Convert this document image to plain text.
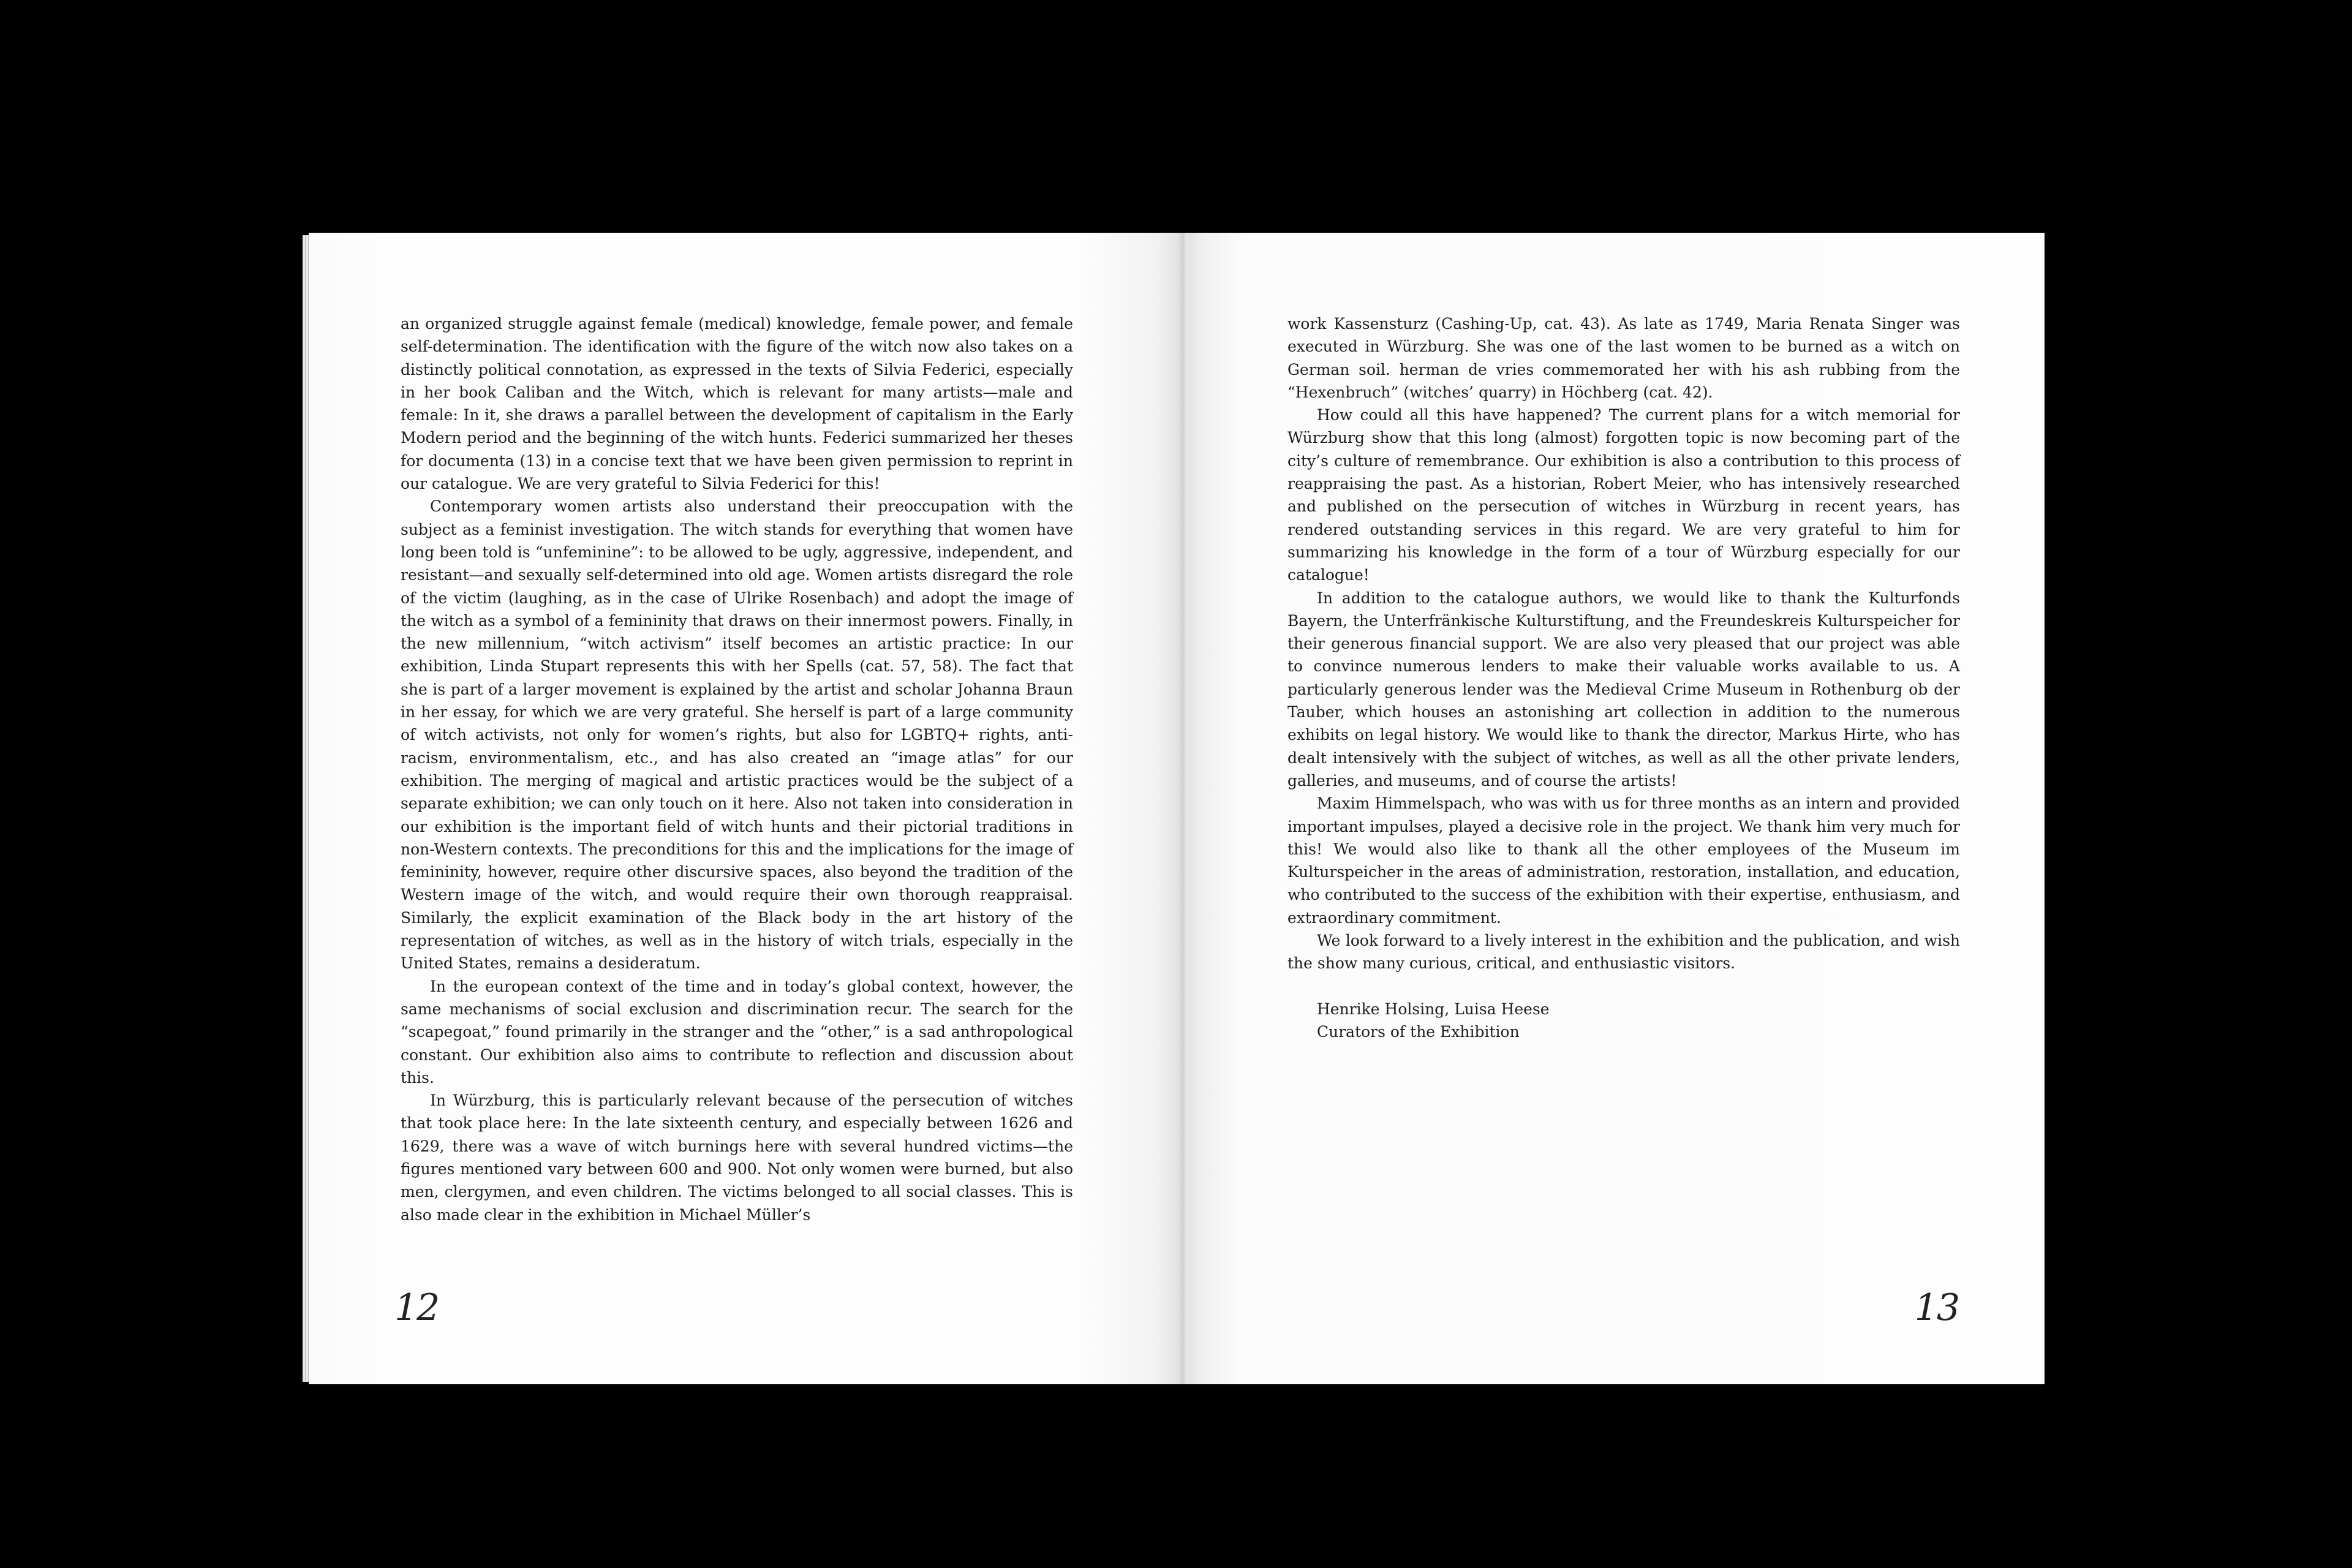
an organized struggle against female (medical) knowledge, female power, and female self-determination. The identification with the figure of the witch now also takes on a distinctly political connotation, as expressed in the texts of Silvia Federici, especially in her book Caliban and the Witch, which is relevant for many artists—male and female: In it, she draws a parallel between the development of capitalism in the Early Modern period and the beginning of the witch hunts. Federici summarized her theses for documenta (13) in a concise text that we have been given permission to reprint in our catalogue. We are very grateful to Silvia Federici for this!

Contemporary women artists also understand their preoccupation with the subject as a feminist investigation. The witch stands for everything that women have long been told is “unfeminine”: to be allowed to be ugly, aggressive, independent, and resistant—and sexually self-determined into old age. Women artists disregard the role of the victim (laughing, as in the case of Ulrike Rosenbach) and adopt the image of the witch as a symbol of a femininity that draws on their innermost powers. Finally, in the new millennium, “witch activism” itself becomes an artistic practice: In our exhibition, Linda Stupart represents this with her Spells (cat. 57, 58). The fact that she is part of a larger movement is explained by the artist and scholar Johanna Braun in her essay, for which we are very grateful. She herself is part of a large community of witch activists, not only for women’s rights, but also for LGBTQ+ rights, anti-racism, environmentalism, etc., and has also created an “image atlas” for our exhibition. The merging of magical and artistic practices would be the subject of a separate exhibition; we can only touch on it here. Also not taken into consideration in our exhibition is the important field of witch hunts and their pictorial traditions in non-Western contexts. The preconditions for this and the implications for the image of femininity, however, require other discursive spaces, also beyond the tradition of the Western image of the witch, and would require their own thorough reappraisal. Similarly, the explicit examination of the Black body in the art history of the representation of witches, as well as in the history of witch trials, especially in the United States, remains a desideratum.

In the european context of the time and in today’s global context, however, the same mechanisms of social exclusion and discrimination recur. The search for the “scapegoat,” found primarily in the stranger and the “other,” is a sad anthropological constant. Our exhibition also aims to contribute to reflection and discussion about this.

In Würzburg, this is particularly relevant because of the persecution of witches that took place here: In the late sixteenth century, and especially between 1626 and 1629, there was a wave of witch burnings here with several hundred victims—the figures mentioned vary between 600 and 900. Not only women were burned, but also men, clergymen, and even children. The victims belonged to all social classes. This is also made clear in the exhibition in Michael Müller’s

12

work Kassensturz (Cashing-Up, cat. 43). As late as 1749, Maria Renata Singer was executed in Würzburg. She was one of the last women to be burned as a witch on German soil. herman de vries commemorated her with his ash rubbing from the “Hexenbruch” (witches’ quarry) in Höchberg (cat. 42).

How could all this have happened? The current plans for a witch memorial for Würzburg show that this long (almost) forgotten topic is now becoming part of the city’s culture of remembrance. Our exhibition is also a contribution to this process of reappraising the past. As a historian, Robert Meier, who has intensively researched and published on the persecution of witches in Würzburg in recent years, has rendered outstanding services in this regard. We are very grateful to him for summarizing his knowledge in the form of a tour of Würzburg especially for our catalogue!

In addition to the catalogue authors, we would like to thank the Kulturfonds Bayern, the Unterfränkische Kulturstiftung, and the Freundeskreis Kulturspeicher for their generous financial support. We are also very pleased that our project was able to convince numerous lenders to make their valuable works available to us. A particularly generous lender was the Medieval Crime Museum in Rothenburg ob der Tauber, which houses an astonishing art collection in addition to the numerous exhibits on legal history. We would like to thank the director, Markus Hirte, who has dealt intensively with the subject of witches, as well as all the other private lenders, galleries, and museums, and of course the artists!

Maxim Himmelspach, who was with us for three months as an intern and provided important impulses, played a decisive role in the project. We thank him very much for this! We would also like to thank all the other employees of the Museum im Kulturspeicher in the areas of administration, restoration, installation, and education, who contributed to the success of the exhibition with their expertise, enthusiasm, and extraordinary commitment.

We look forward to a lively interest in the exhibition and the publication, and wish the show many curious, critical, and enthusiastic visitors.

Henrike Holsing, Luisa Heese
Curators of the Exhibition

13
